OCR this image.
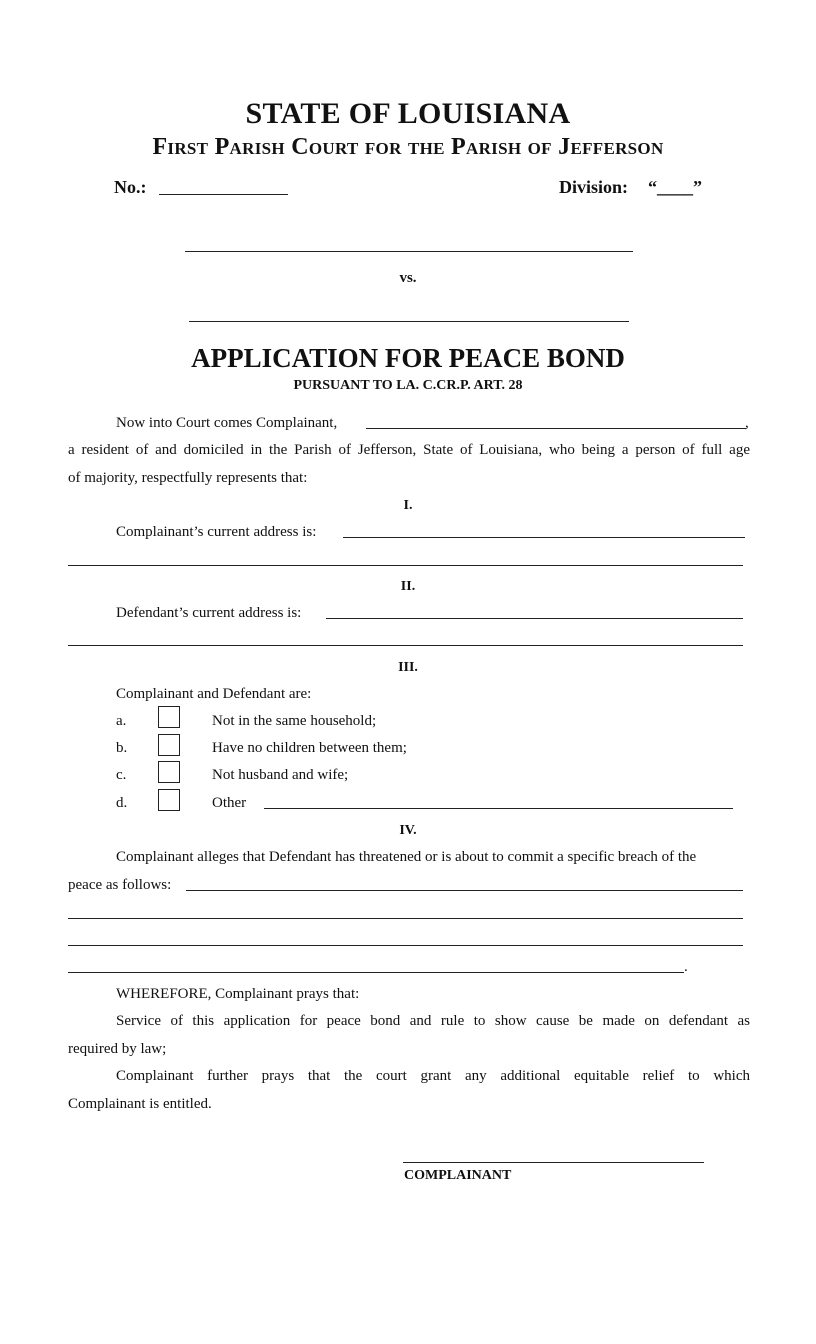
STATE OF LOUISIANA
First Parish Court for the Parish of Jefferson
No.:	Division: “____”
vs.
APPLICATION FOR PEACE BOND
PURSUANT TO LA. C.CR.P. ART. 28
Now into Court comes Complainant,	,
a resident of and domiciled in the Parish of Jefferson, State of Louisiana, who being a person of full age
of majority, respectfully represents that:
I.
Complainant’s current address is:
II.
Defendant’s current address is:
III.
Complainant and Defendant are:
a.	Not in the same household;
b.	Have no children between them;
c.	Not husband and wife;
d.	Other
IV.
Complainant alleges that Defendant has threatened or is about to commit a specific breach of the
peace as follows:
.
WHEREFORE, Complainant prays that:
Service of this application for peace bond and rule to show cause be made on defendant as
required by law;
Complainant further prays that the court grant any additional equitable relief to which
Complainant is entitled.
COMPLAINANT
